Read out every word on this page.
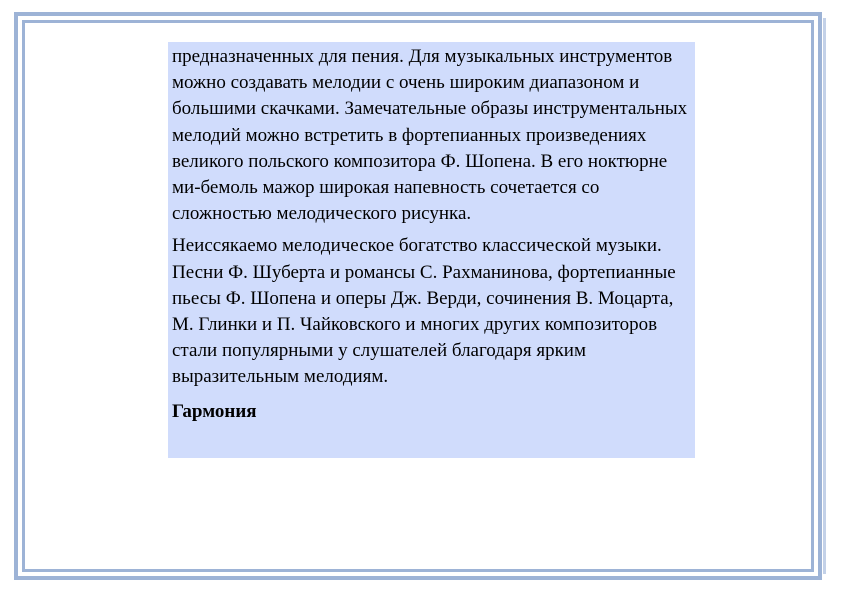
предназначенных для пения. Для музыкальных инструментов можно создавать мелодии с очень широким диапазоном и большими скачками. Замечательные образы инструментальных мелодий можно встретить в фортепианных произведениях великого польского композитора Ф. Шопена. В его ноктюрне ми-бемоль мажор широкая напевность сочетается со сложностью мелодического рисунка.

Неиссякаемо мелодическое богатство классической музыки. Песни Ф. Шуберта и романсы С. Рахманинова, фортепианные пьесы Ф. Шопена и оперы Дж. Верди, сочинения В. Моцарта, М. Глинки и П. Чайковского и многих других композиторов стали популярными у слушателей благодаря ярким выразительным мелодиям.

Гармония
